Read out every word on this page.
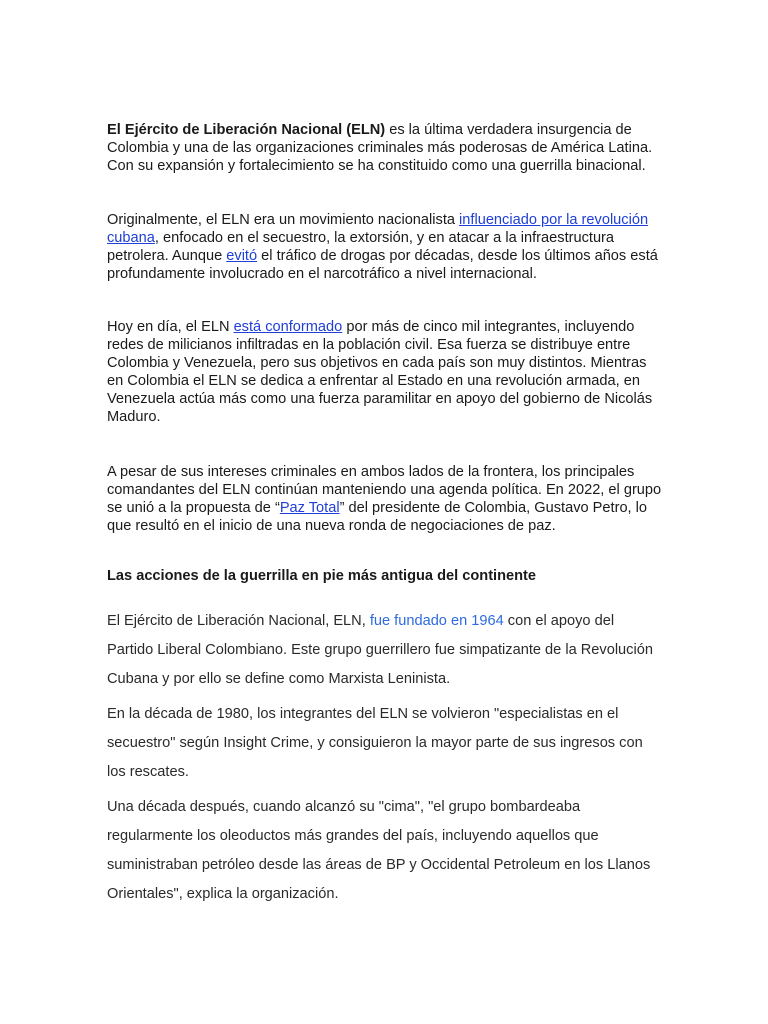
El Ejército de Liberación Nacional (ELN) es la última verdadera insurgencia de Colombia y una de las organizaciones criminales más poderosas de América Latina. Con su expansión y fortalecimiento se ha constituido como una guerrilla binacional.

Originalmente, el ELN era un movimiento nacionalista influenciado por la revolución cubana, enfocado en el secuestro, la extorsión, y en atacar a la infraestructura petrolera. Aunque evitó el tráfico de drogas por décadas, desde los últimos años está profundamente involucrado en el narcotráfico a nivel internacional.

Hoy en día, el ELN está conformado por más de cinco mil integrantes, incluyendo redes de milicianos infiltradas en la población civil. Esa fuerza se distribuye entre Colombia y Venezuela, pero sus objetivos en cada país son muy distintos. Mientras en Colombia el ELN se dedica a enfrentar al Estado en una revolución armada, en Venezuela actúa más como una fuerza paramilitar en apoyo del gobierno de Nicolás Maduro.

A pesar de sus intereses criminales en ambos lados de la frontera, los principales comandantes del ELN continúan manteniendo una agenda política. En 2022, el grupo se unió a la propuesta de “Paz Total” del presidente de Colombia, Gustavo Petro, lo que resultó en el inicio de una nueva ronda de negociaciones de paz.

Las acciones de la guerrilla en pie más antigua del continente

El Ejército de Liberación Nacional, ELN, fue fundado en 1964 con el apoyo del Partido Liberal Colombiano. Este grupo guerrillero fue simpatizante de la Revolución Cubana y por ello se define como Marxista Leninista.

En la década de 1980, los integrantes del ELN se volvieron "especialistas en el secuestro" según Insight Crime, y consiguieron la mayor parte de sus ingresos con los rescates.

Una década después, cuando alcanzó su "cima", "el grupo bombardeaba regularmente los oleoductos más grandes del país, incluyendo aquellos que suministraban petróleo desde las áreas de BP y Occidental Petroleum en los Llanos Orientales", explica la organización.
